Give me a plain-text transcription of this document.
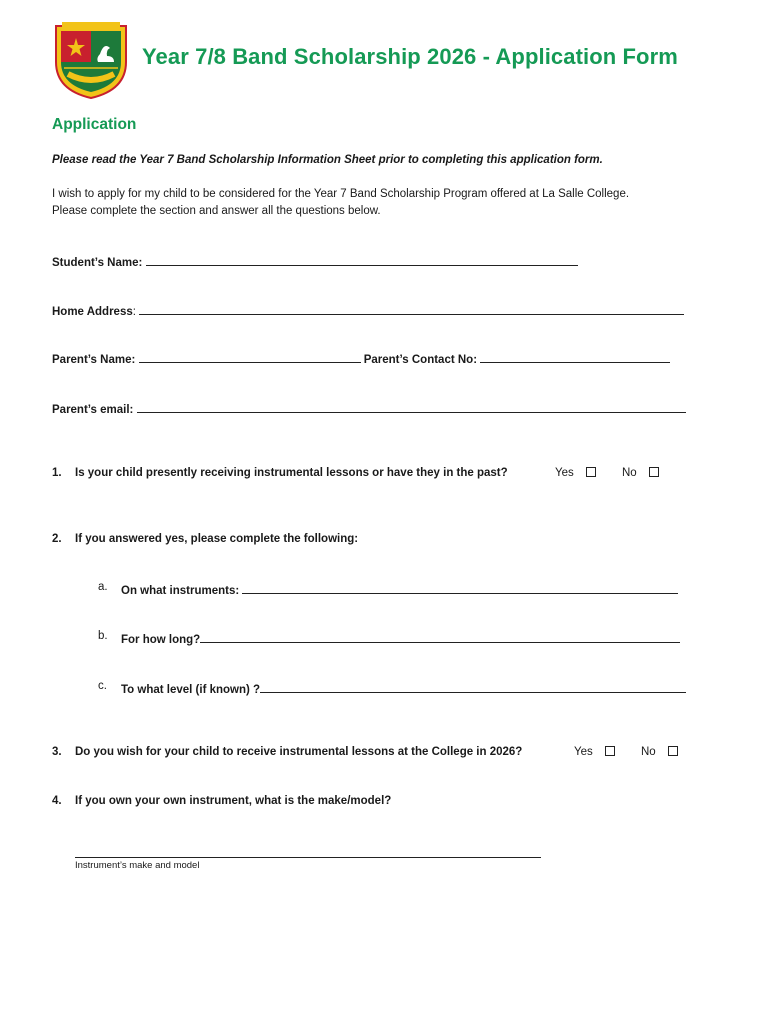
Year 7/8 Band Scholarship 2026 - Application Form
Application
Please read the Year 7 Band Scholarship Information Sheet prior to completing this application form.
I wish to apply for my child to be considered for the Year 7 Band Scholarship Program offered at La Salle College.
Please complete the section and answer all the questions below.
Student’s Name:
Home Address:
Parent’s Name:	Parent’s Contact No:
Parent’s email:
1. Is your child presently receiving instrumental lessons or have they in the past?	Yes	No
2. If you answered yes, please complete the following:
a. On what instruments:
b. For how long?
c. To what level (if known) ?
3. Do you wish for your child to receive instrumental lessons at the College in 2026?	Yes	No
4. If you own your own instrument, what is the make/model?
Instrument’s make and model
